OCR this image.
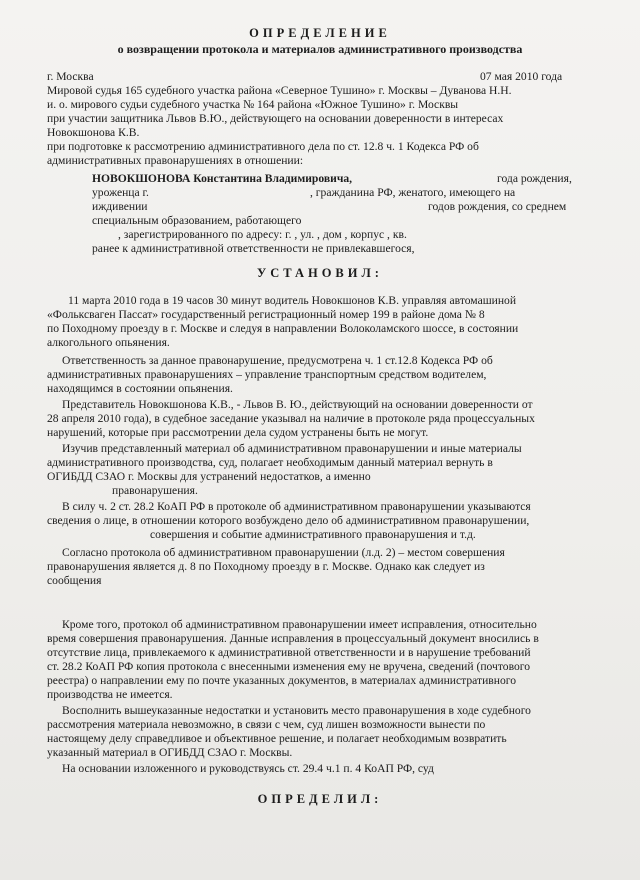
ОПРЕДЕЛЕНИЕ
о возвращении протокола и материалов административного производства
г. Москва	07 мая 2010 года
Мировой судья 165 судебного участка района «Северное Тушино» г. Москвы – Дуванова Н.Н.
и. о. мирового судьи судебного участка № 164 района «Южное Тушино» г. Москвы
при участии защитника Львов В.Ю., действующего на основании доверенности в интересах
Новокшонова К.В.
при подготовке к рассмотрению административного дела по ст. 12.8 ч. 1 Кодекса РФ об
административных правонарушениях в отношении:
НОВОКШОНОВА Константина Владимировича,	года рождения,
уроженца г.	, гражданина РФ, женатого, имеющего на
иждивении	годов рождения, со среднем
специальным образованием, работающего
, зарегистрированного по адресу: г. , ул. , дом , корпус , кв.
ранее к административной ответственности не привлекавшегося,
УСТАНОВИЛ:
11 марта 2010 года в 19 часов 30 минут водитель Новокшонов К.В. управляя автомашиной
«Фольксваген Пассат» государственный регистрационный номер 199 в районе дома № 8
по Походному проезду в г. Москве и следуя в направлении Волоколамского шоссе, в состоянии
алкогольного опьянения.
Ответственность за данное правонарушение, предусмотрена ч. 1 ст.12.8 Кодекса РФ об
административных правонарушениях – управление транспортным средством водителем,
находящимся в состоянии опьянения.
Представитель Новокшонова К.В., - Львов В. Ю., действующий на основании доверенности от
28 апреля 2010 года), в судебное заседание указывал на наличие в протоколе ряда процессуальных
нарушений, которые при рассмотрении дела судом устранены быть не могут.
Изучив представленный материал об административном правонарушении и иные материалы
административного производства, суд, полагает необходимым данный материал вернуть в
ОГИБДД СЗАО г. Москвы для устранений недостатков, а именно
правонарушения.
В силу ч. 2 ст. 28.2 КоАП РФ в протоколе об административном правонарушении указываются
сведения о лице, в отношении которого возбуждено дело об административном правонарушении,
совершения и событие административного правонарушения и т.д.
Согласно протокола об административном правонарушении (л.д. 2) – местом совершения
правонарушения является д. 8 по Походному проезду в г. Москве. Однако как следует из
сообщения
Кроме того, протокол об административном правонарушении имеет исправления, относительно
время совершения правонарушения. Данные исправления в процессуальный документ вносились в
отсутствие лица, привлекаемого к административной ответственности и в нарушение требований
ст. 28.2 КоАП РФ копия протокола с внесенными изменения ему не вручена, сведений (почтового
реестра) о направлении ему по почте указанных документов, в материалах административного
производства не имеется.
Восполнить вышеуказанные недостатки и установить место правонарушения в ходе судебного
рассмотрения материала невозможно, в связи с чем, суд лишен возможности вынести по
настоящему делу справедливое и объективное решение, и полагает необходимым возвратить
указанный материал в ОГИБДД СЗАО г. Москвы.
На основании изложенного и руководствуясь ст. 29.4 ч.1 п. 4 КоАП РФ, суд
ОПРЕДЕЛИЛ:
